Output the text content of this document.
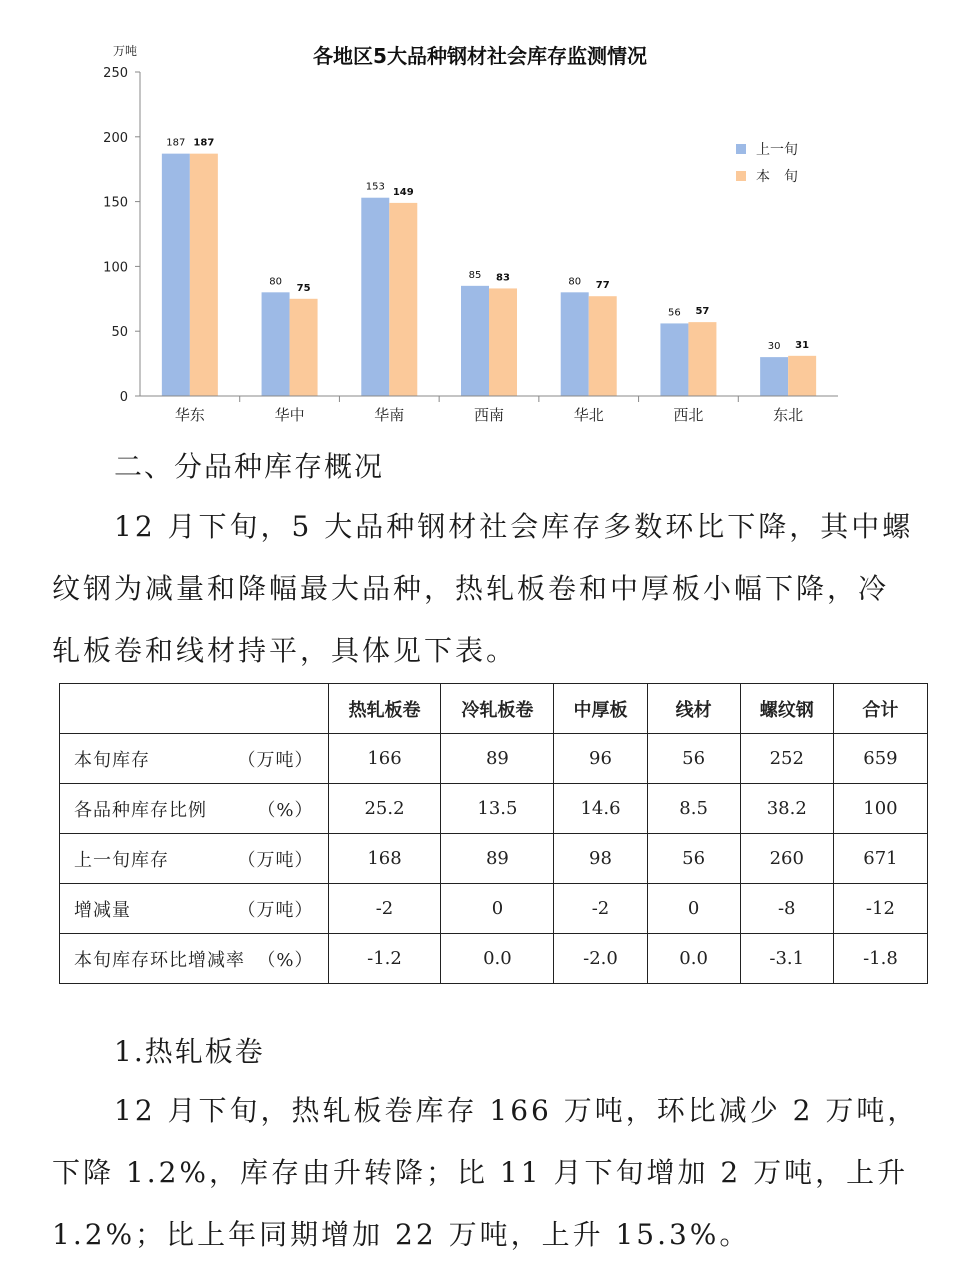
各地区5大品种钢材社会库存监测情况
万吨
0
50
100
150
200
250
187 187
80
75
153 149
85 83	80 77
56 57
30 31
华东	华中	华南	西南	华北	西北	东北
上一旬
本　旬
二、分品种库存概况
12 月下旬，5 大品种钢材社会库存多数环比下降，其中螺
纹钢为减量和降幅最大品种，热轧板卷和中厚板小幅下降，冷
轧板卷和线材持平，具体见下表。
	热轧板卷	冷轧板卷	中厚板	线材	螺纹钢	合计

本旬库存 （万吨）	166	89	96	56	252	659

各品种库存比例 （%）	25.2	13.5	14.6	8.5	38.2	100

上一旬库存 （万吨）	168	89	98	56	260	671

增减量 （万吨）	-2	0	-2	0	-8	-12

本旬库存环比增减率 （%）	-1.2	0.0	-2.0	0.0	-3.1	-1.8
1.热轧板卷
12 月下旬，热轧板卷库存 166 万吨，环比减少 2 万吨，
下降 1.2%，库存由升转降；比 11 月下旬增加 2 万吨，上升
1.2%；比上年同期增加 22 万吨，上升 15.3%。
